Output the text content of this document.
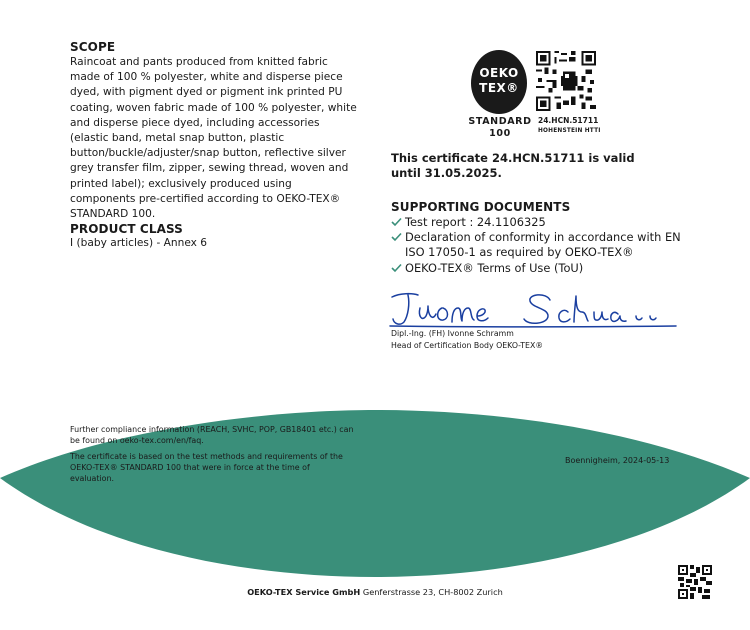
SCOPE
Raincoat and pants produced from knitted fabric made of 100 % polyester, white and disperse piece dyed, with pigment dyed or pigment ink printed PU coating, woven fabric made of 100 % polyester, white and disperse piece dyed, including accessories (elastic band, metal snap button, plastic button/buckle/adjuster/snap button, reflective silver grey transfer film, zipper, sewing thread, woven and printed label); exclusively produced using components pre-certified according to OEKO-TEX® STANDARD 100.
PRODUCT CLASS
I (baby articles) - Annex 6
OEKO
TEX®
STANDARD
100
24.HCN.51711
HOHENSTEIN HTTI
This certificate 24.HCN.51711 is valid until 31.05.2025.
SUPPORTING DOCUMENTS
Test report : 24.1106325
Declaration of conformity in accordance with EN ISO 17050-1 as required by OEKO-TEX®
OEKO-TEX® Terms of Use (ToU)
Dipl.-Ing. (FH) Ivonne Schramm
Head of Certification Body OEKO-TEX®
Further compliance information (REACH, SVHC, POP, GB18401 etc.) can be found on oeko-tex.com/en/faq.
The certificate is based on the test methods and requirements of the OEKO-TEX® STANDARD 100 that were in force at the time of evaluation.
Boennigheim, 2024-05-13
OEKO-TEX Service GmbH Genferstrasse 23, CH-8002 Zurich
